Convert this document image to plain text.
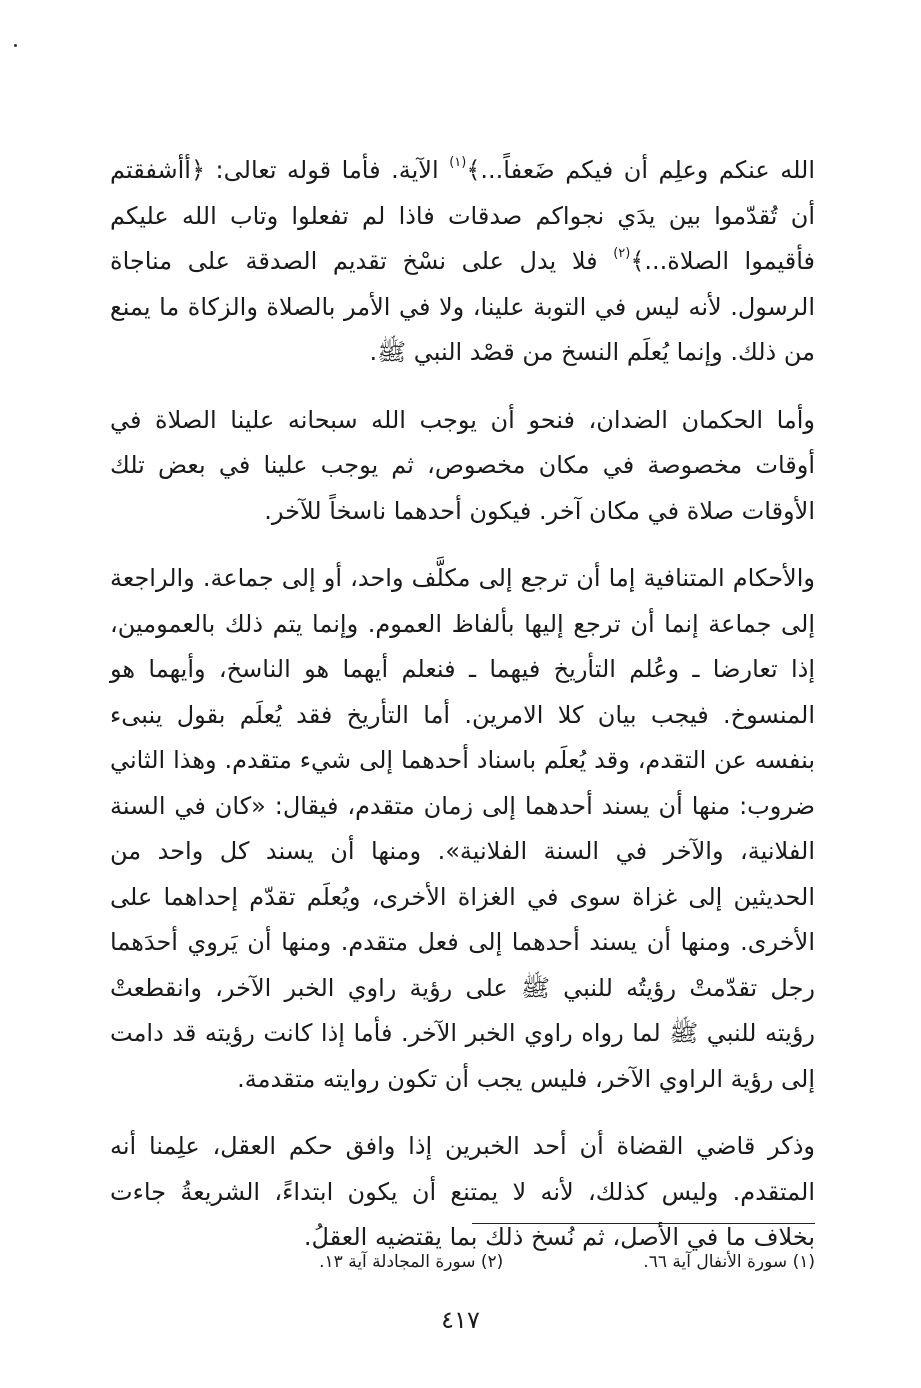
الله عنكم وعلِم أن فيكم ضَعفاً...﴾$^{(١)}$ الآية. فأما قوله تعالى: ﴿أأشفقتم أن تُقدّموا بين يدَي نجواكم صدقات فاذا لم تفعلوا وتاب الله عليكم فأقيموا الصلاة...﴾$^{(٢)}$ فلا يدل على نسْخ تقديم الصدقة على مناجاة الرسول. لأنه ليس في التوبة علينا، ولا في الأمر بالصلاة والزكاة ما يمنع من ذلك. وإنما يُعلَم النسخ من قصْد النبي ﷺ.

وأما الحكمان الضدان، فنحو أن يوجب الله سبحانه علينا الصلاة في أوقات مخصوصة في مكان مخصوص، ثم يوجب علينا في بعض تلك الأوقات صلاة في مكان آخر. فيكون أحدهما ناسخاً للآخر.

والأحكام المتنافية إما أن ترجع إلى مكلَّف واحد، أو إلى جماعة. والراجعة إلى جماعة إنما أن ترجع إليها بألفاظ العموم. وإنما يتم ذلك بالعمومين، إذا تعارضا ـ وعُلم التأريخ فيهما ـ فنعلم أيهما هو الناسخ، وأيهما هو المنسوخ. فيجب بيان كلا الامرين. أما التأريخ فقد يُعلَم بقول ينبىء بنفسه عن التقدم، وقد يُعلَم باسناد أحدهما إلى شيء متقدم. وهذا الثاني ضروب: منها أن يسند أحدهما إلى زمان متقدم، فيقال: «كان في السنة الفلانية، والآخر في السنة الفلانية». ومنها أن يسند كل واحد من الحديثين إلى غزاة سوى في الغزاة الأخرى، ويُعلَم تقدّم إحداهما على الأخرى. ومنها أن يسند أحدهما إلى فعل متقدم. ومنها أن يَروي أحدَهما رجل تقدّمتْ رؤيتُه للنبي ﷺ على رؤية راوي الخبر الآخر، وانقطعتْ رؤيته للنبي ﷺ لما رواه راوي الخبر الآخر. فأما إذا كانت رؤيته قد دامت إلى رؤية الراوي الآخر، فليس يجب أن تكون روايته متقدمة.

وذكر قاضي القضاة أن أحد الخبرين إذا وافق حكم العقل، علِمنا أنه المتقدم. وليس كذلك، لأنه لا يمتنع أن يكون ابتداءً، الشريعةُ جاءت بخلاف ما في الأصل، ثم نُسخ ذلك بما يقتضيه العقلُ.

(١) سورة الأنفال آية ٦٦.

(٢) سورة المجادلة آية ١٣.

٤١٧
